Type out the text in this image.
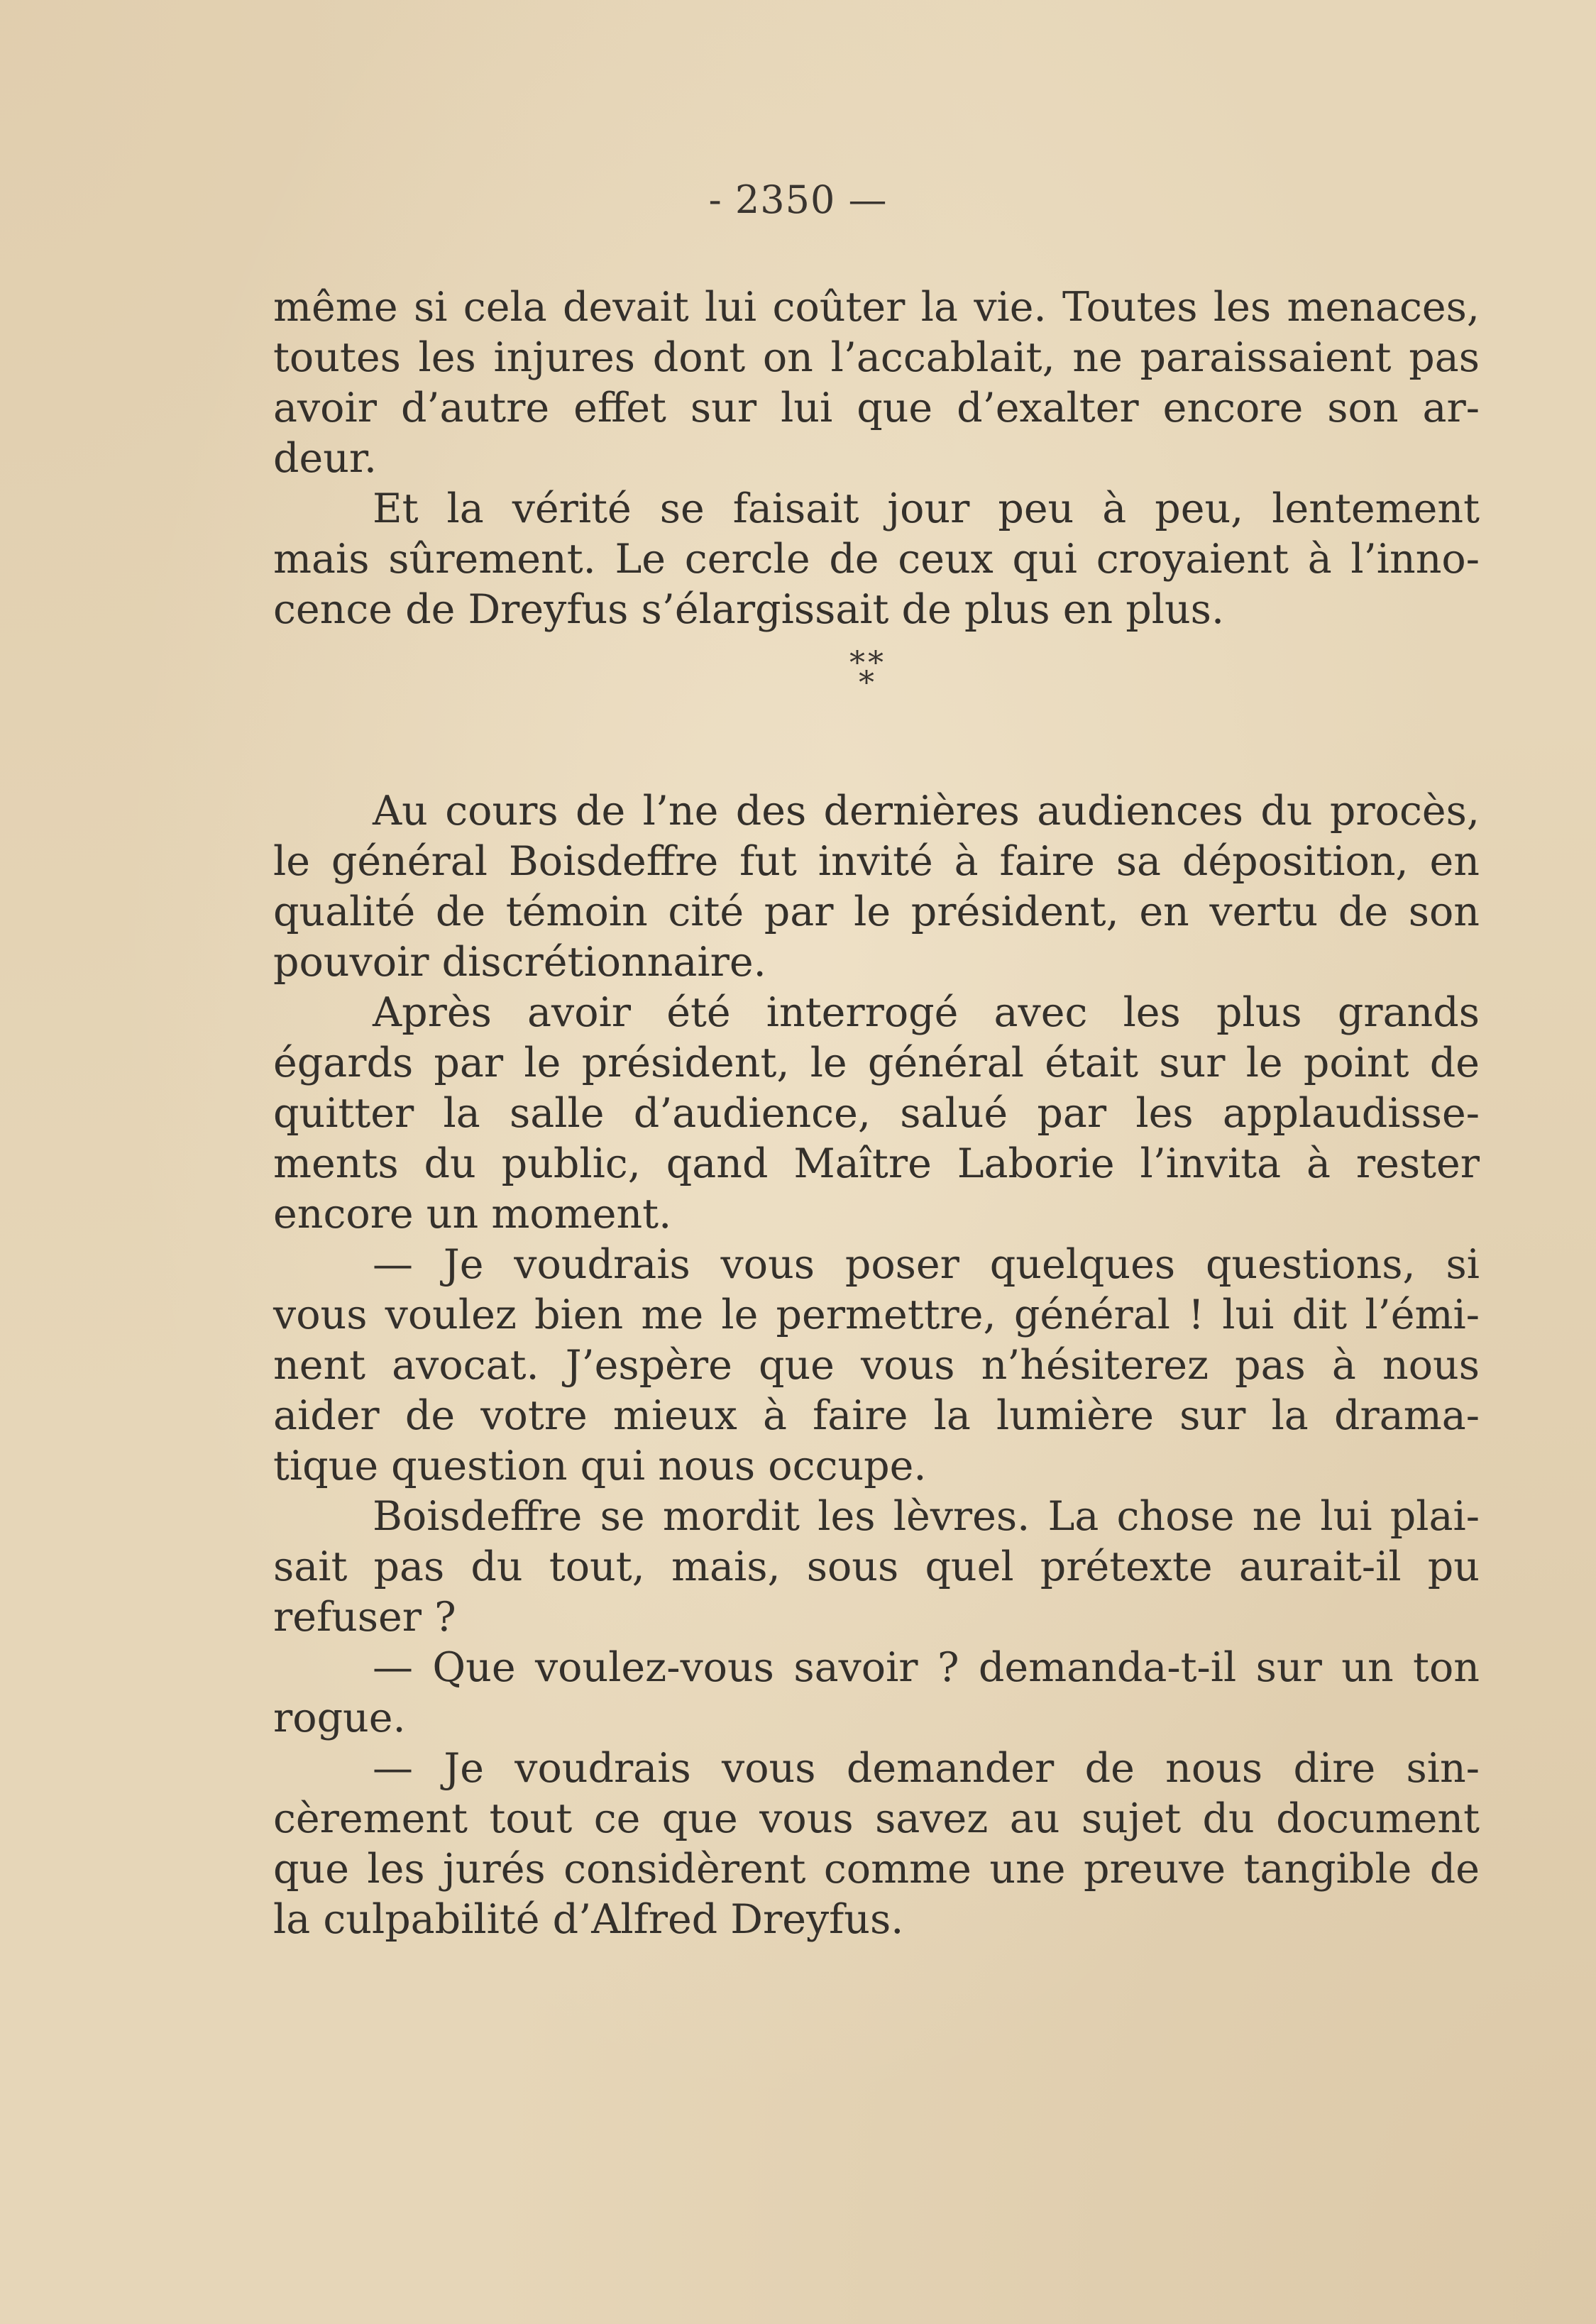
- 2350 —
même si cela devait lui coûter la vie. Toutes les menaces,
toutes les injures dont on l’accablait, ne paraissaient pas
avoir d’autre effet sur lui que d’exalter encore son ar-
deur.
Et la vérité se faisait jour peu à peu, lentement
mais sûrement. Le cercle de ceux qui croyaient à l’inno-
cence de Dreyfus s’élargissait de plus en plus.
* *
*
Au cours de l’ne des dernières audiences du procès,
le général Boisdeffre fut invité à faire sa déposition, en
qualité de témoin cité par le président, en vertu de son
pouvoir discrétionnaire.
Après avoir été interrogé avec les plus grands
égards par le président, le général était sur le point de
quitter la salle d’audience, salué par les applaudisse-
ments du public, qand Maître Laborie l’invita à rester
encore un moment.
— Je voudrais vous poser quelques questions, si
vous voulez bien me le permettre, général ! lui dit l’émi-
nent avocat. J’espère que vous n’hésiterez pas à nous
aider de votre mieux à faire la lumière sur la drama-
tique question qui nous occupe.
Boisdeffre se mordit les lèvres. La chose ne lui plai-
sait pas du tout, mais, sous quel prétexte aurait-il pu
refuser ?
— Que voulez-vous savoir ? demanda-t-il sur un ton
rogue.
— Je voudrais vous demander de nous dire sin-
cèrement tout ce que vous savez au sujet du document
que les jurés considèrent comme une preuve tangible de
la culpabilité d’Alfred Dreyfus.
